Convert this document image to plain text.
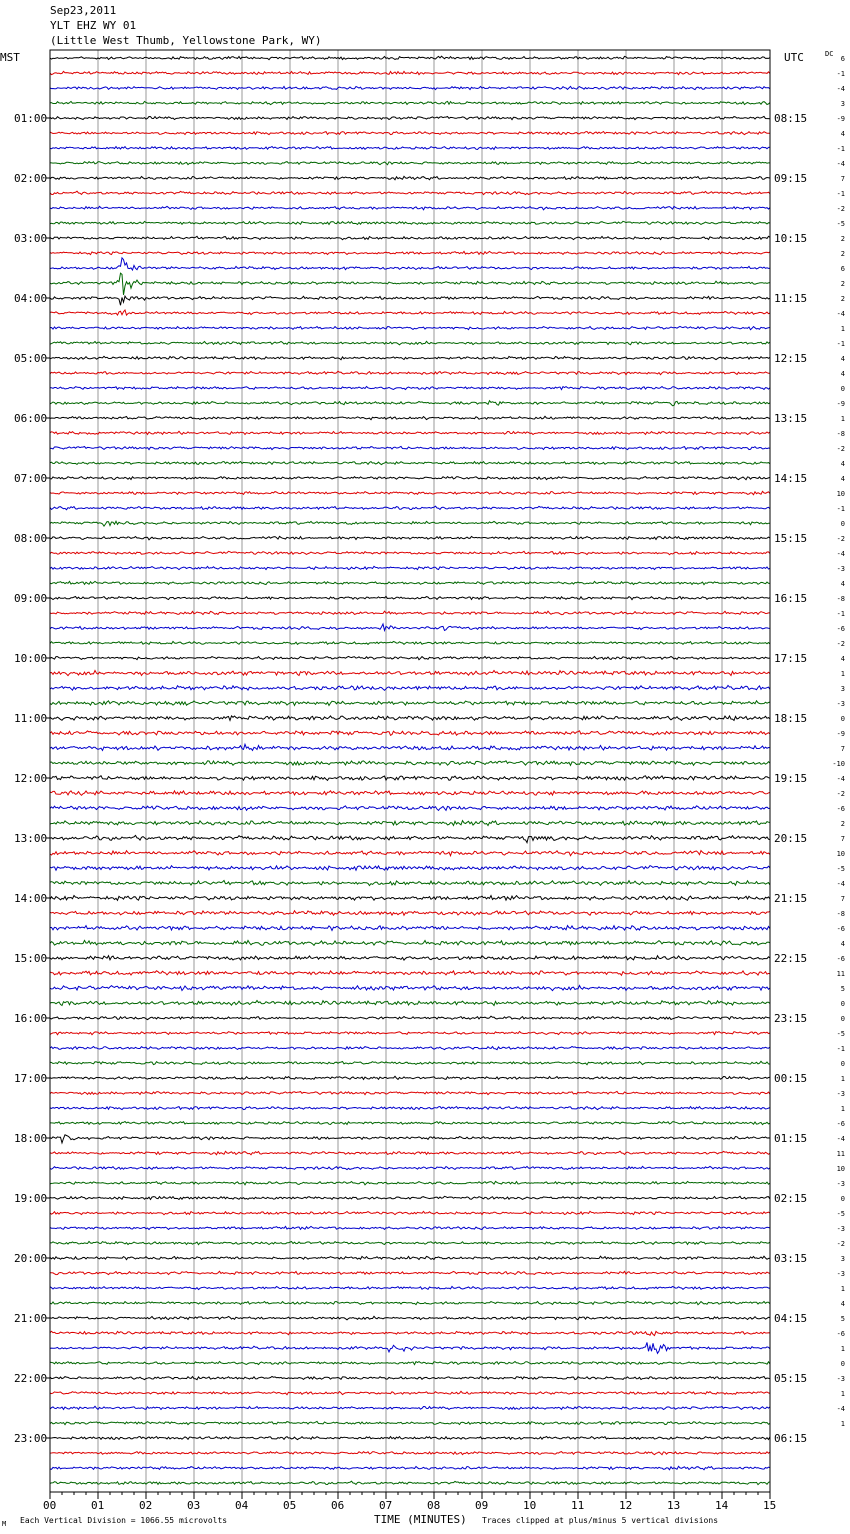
Sep23,2011
YLT EHZ WY 01
(Little West Thumb, Yellowstone Park, WY)
00	01	02	03	04	05	06	07	08	09	10	11	12	13	14	15
6
-1
-4
3
-9
4
-1
-4
7
-1
-2
-5
2
2
6
2
2
-4
1
-1
4
4
0
-9
1
-8
-2
4
4
10
-1
0
-2
-4
-3
4
-8
-1
-6
-2
4
1
3
-3
0
-9
7
-10
-4
-2
-6
2
7
10
-5
-4
7
-8
-6
4
-6
11
5
0
0
-5
-1
0
1
-3
1
-6
-4
11
10
-3
0
-5
-3
-2
3
-3
1
4
5
-6
1
0
-3
1
-4
1
01:00
02:00
03:00
04:00
05:00
06:00
07:00
08:00
09:00
10:00
11:00
12:00
13:00
14:00
15:00
16:00
17:00
18:00
19:00
20:00
21:00
22:00
23:00
08:15
09:15
10:15
11:15
12:15
13:15
14:15
15:15
16:15
17:15
18:15
19:15
20:15
21:15
22:15
23:15
00:15
01:15
02:15
03:15
04:15
05:15
06:15
MST	UTC	DC
TIME (MINUTES)
M Each Vertical Division = 1066.55 microvolts	Traces clipped at plus/minus 5 vertical divisions
